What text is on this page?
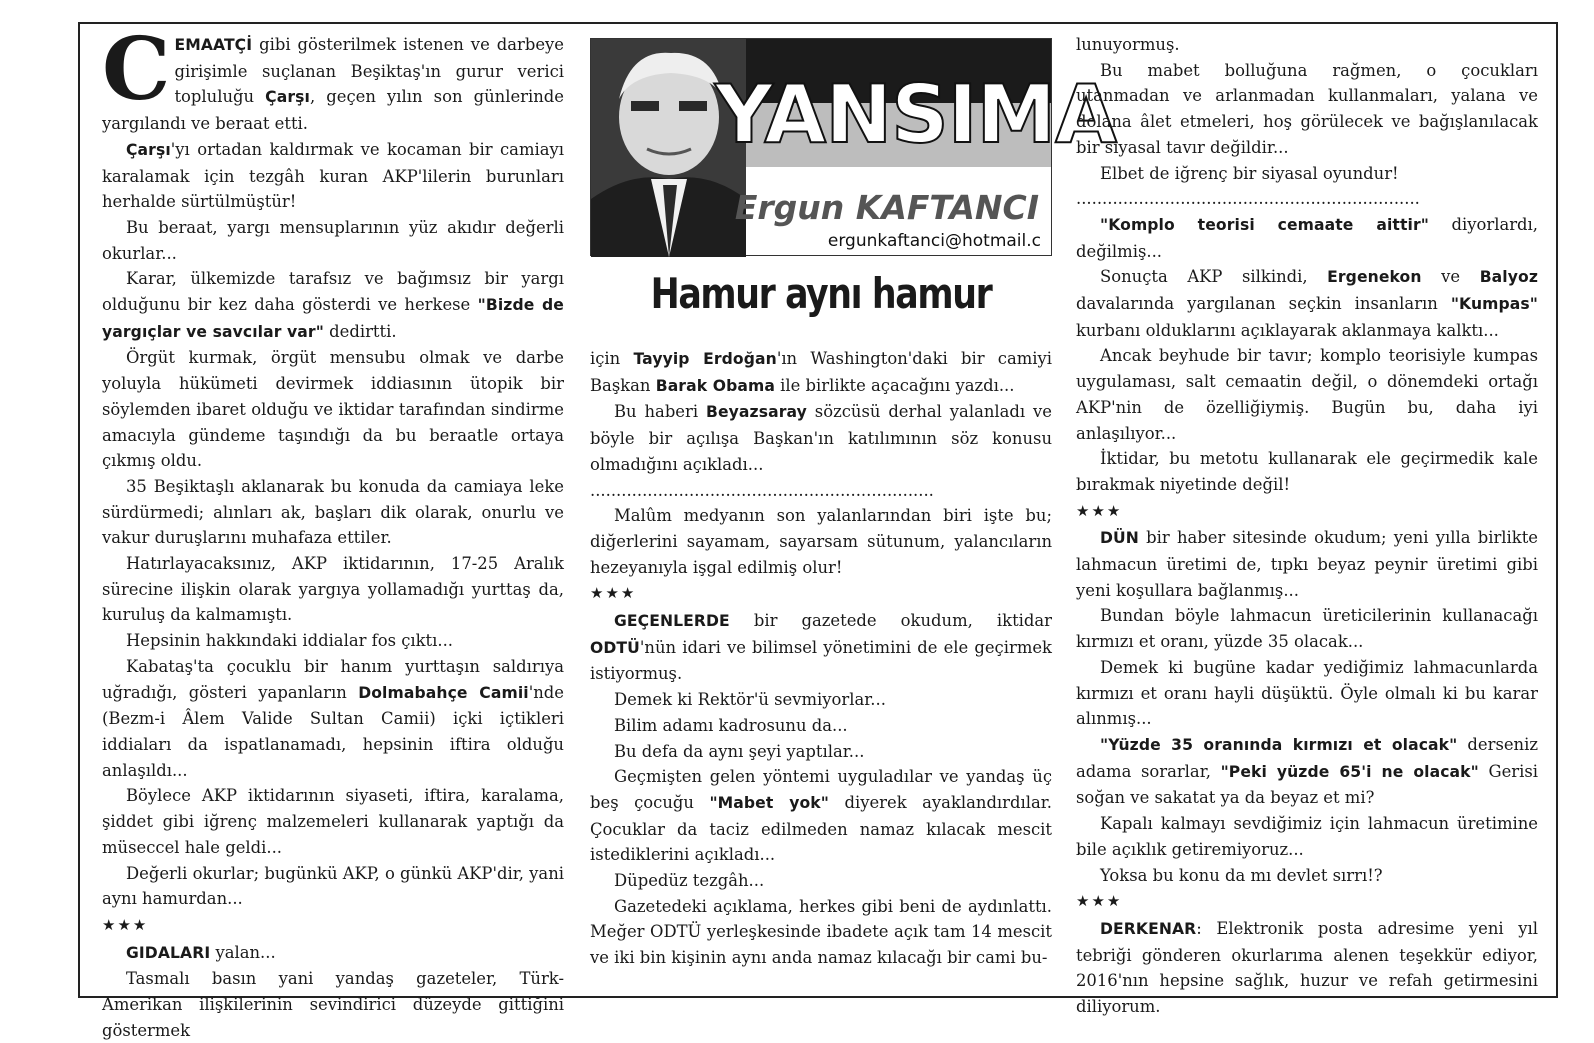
CEMAATÇİ gibi gösterilmek istenen ve darbeye girişimle suçlanan Beşiktaş'ın gurur verici topluluğu Çarşı, geçen yılın son günlerinde yargılandı ve beraat etti.

Çarşı'yı ortadan kaldırmak ve kocaman bir camiayı karalamak için tezgâh kuran AKP'lilerin burunları herhalde sürtülmüştür!

Bu beraat, yargı mensuplarının yüz akıdır değerli okurlar...

Karar, ülkemizde tarafsız ve bağımsız bir yargı olduğunu bir kez daha gösterdi ve herkese "Bizde de yargıçlar ve savcılar var" dedirtti.

Örgüt kurmak, örgüt mensubu olmak ve darbe yoluyla hükümeti devirmek iddiasının ütopik bir söylemden ibaret olduğu ve iktidar tarafından sindirme amacıyla gündeme taşındığı da bu beraatle ortaya çıkmış oldu.

35 Beşiktaşlı aklanarak bu konuda da camiaya leke sürdürmedi; alınları ak, başları dik olarak, onurlu ve vakur duruşlarını muhafaza ettiler.

Hatırlayacaksınız, AKP iktidarının, 17-25 Aralık sürecine ilişkin olarak yargıya yollamadığı yurttaş da, kuruluş da kalmamıştı.

Hepsinin hakkındaki iddialar fos çıktı...

Kabataş'ta çocuklu bir hanım yurttaşın saldırıya uğradığı, gösteri yapanların Dolmabahçe Camii'nde (Bezm-i Âlem Valide Sultan Camii) içki içtikleri iddiaları da ispatlanamadı, hepsinin iftira olduğu anlaşıldı...

Böylece AKP iktidarının siyaseti, iftira, karalama, şiddet gibi iğrenç malzemeleri kullanarak yaptığı da müseccel hale geldi...

Değerli okurlar; bugünkü AKP, o günkü AKP'dir, yani aynı hamurdan...

★★★

GIDALARI yalan...

Tasmalı basın yani yandaş gazeteler, Türk- Amerikan ilişkilerinin sevindirici düzeyde gittiğini göstermek

YANSIMA
Ergun KAFTANCI
ergunkaftanci@hotmail.c
Hamur aynı hamur

için Tayyip Erdoğan'ın Washington'daki bir camiyi Başkan Barak Obama ile birlikte açacağını yazdı...

Bu haberi Beyazsaray sözcüsü derhal yalanladı ve böyle bir açılışa Başkan'ın katılımının söz konusu olmadığını açıkladı...

..................................................................

Malûm medyanın son yalanlarından biri işte bu; diğerlerini sayamam, sayarsam sütunum, yalancıların hezeyanıyla işgal edilmiş olur!

★★★

GEÇENLERDE bir gazetede okudum, iktidar ODTÜ'nün idari ve bilimsel yönetimini de ele geçirmek istiyormuş.

Demek ki Rektör'ü sevmiyorlar...

Bilim adamı kadrosunu da...

Bu defa da aynı şeyi yaptılar...

Geçmişten gelen yöntemi uyguladılar ve yandaş üç beş çocuğu "Mabet yok" diyerek ayaklandırdılar. Çocuklar da taciz edilmeden namaz kılacak mescit istediklerini açıkladı...

Düpedüz tezgâh...

Gazetedeki açıklama, herkes gibi beni de aydınlattı. Meğer ODTÜ yerleşkesinde ibadete açık tam 14 mescit ve iki bin kişinin aynı anda namaz kılacağı bir cami bu-

lunuyormuş.

Bu mabet bolluğuna rağmen, o çocukları utanmadan ve arlanmadan kullanmaları, yalana ve dolana âlet etmeleri, hoş görülecek ve bağışlanılacak bir siyasal tavır değildir...

Elbet de iğrenç bir siyasal oyundur!

..................................................................

"Komplo teorisi cemaate aittir" diyorlardı, değilmiş...

Sonuçta AKP silkindi, Ergenekon ve Balyoz davalarında yargılanan seçkin insanların "Kumpas" kurbanı olduklarını açıklayarak aklanmaya kalktı...

Ancak beyhude bir tavır; komplo teorisiyle kumpas uygulaması, salt cemaatin değil, o dönemdeki ortağı AKP'nin de özelliğiymiş. Bugün bu, daha iyi anlaşılıyor...

İktidar, bu metotu kullanarak ele geçirmedik kale bırakmak niyetinde değil!

★★★

DÜN bir haber sitesinde okudum; yeni yılla birlikte lahmacun üretimi de, tıpkı beyaz peynir üretimi gibi yeni koşullara bağlanmış...

Bundan böyle lahmacun üreticilerinin kullanacağı kırmızı et oranı, yüzde 35 olacak...

Demek ki bugüne kadar yediğimiz lahmacunlarda kırmızı et oranı hayli düşüktü. Öyle olmalı ki bu karar alınmış...

"Yüzde 35 oranında kırmızı et olacak" derseniz adama sorarlar, "Peki yüzde 65'i ne olacak" Gerisi soğan ve sakatat ya da beyaz et mi?

Kapalı kalmayı sevdiğimiz için lahmacun üretimine bile açıklık getiremiyoruz...

Yoksa bu konu da mı devlet sırrı!?

★★★

DERKENAR: Elektronik posta adresime yeni yıl tebriği gönderen okurlarıma alenen teşekkür ediyor, 2016'nın hepsine sağlık, huzur ve refah getirmesini diliyorum.
